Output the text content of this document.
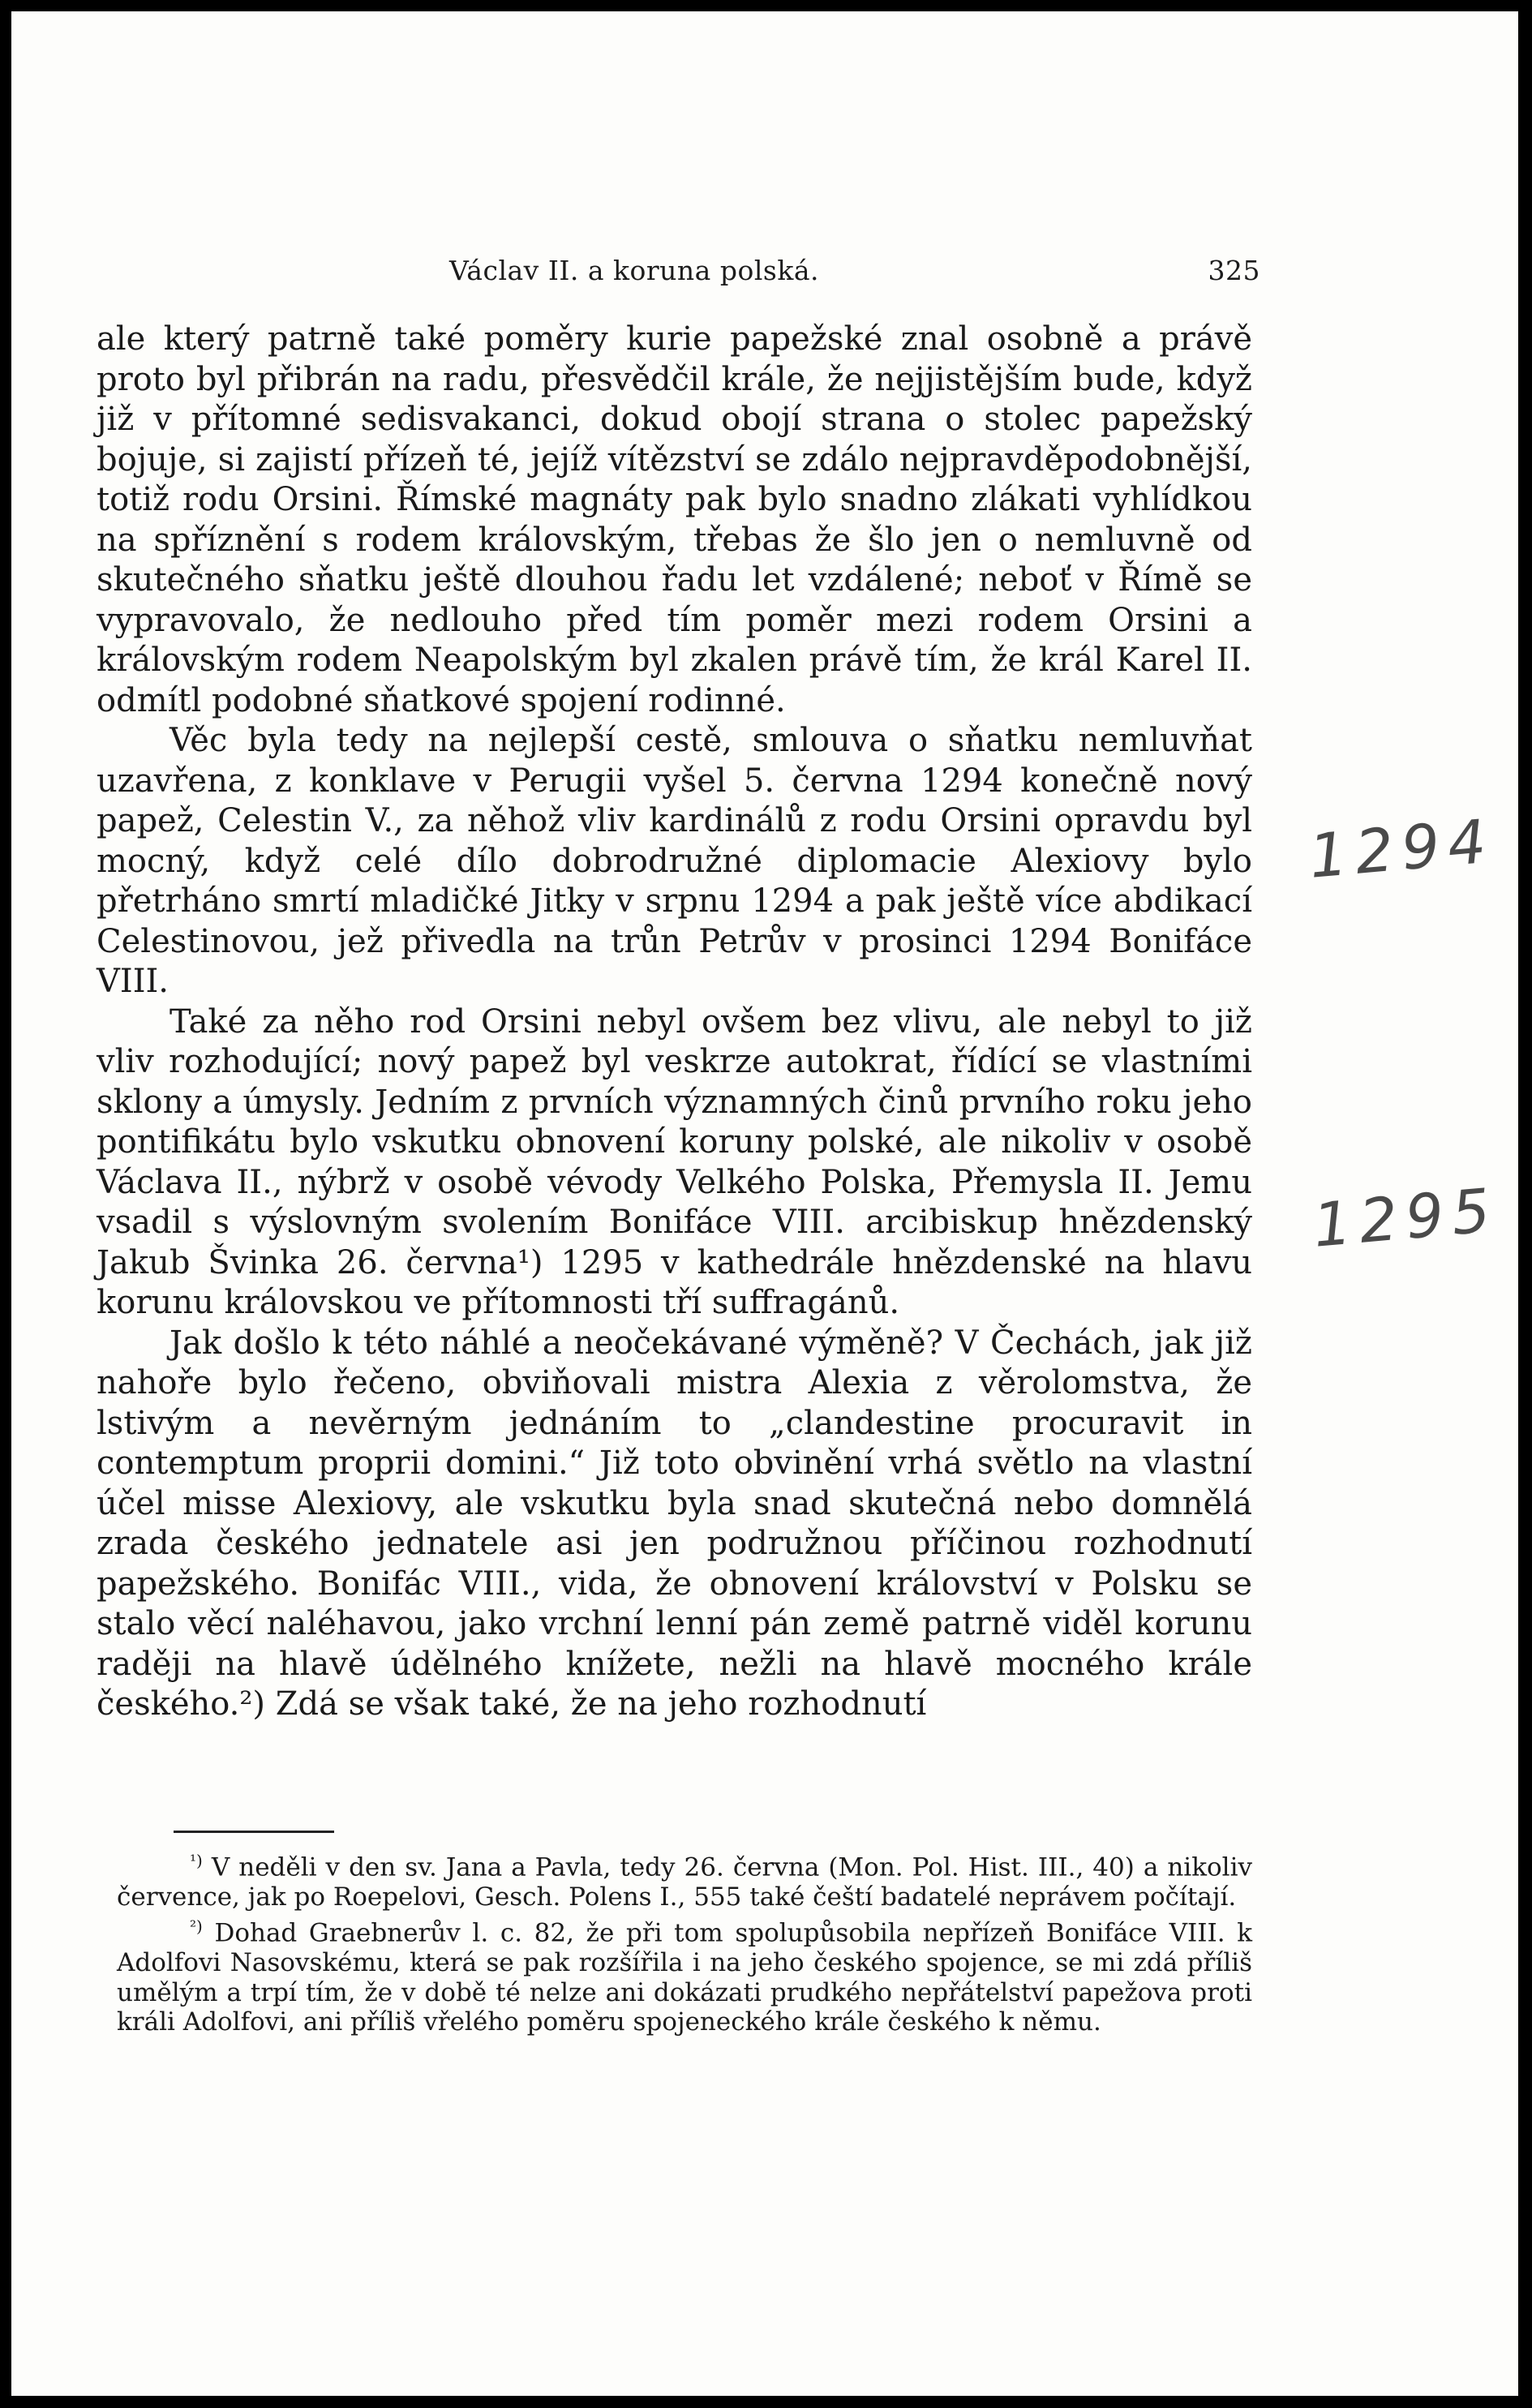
Václav II. a koruna polská.	325

ale který patrně také poměry kurie papežské znal osobně a právě proto byl přibrán na radu, přesvědčil krále, že nejjistějším bude, když již v přítomné sedisvakanci, dokud obojí strana o stolec papežský bojuje, si zajistí přízeň té, jejíž vítězství se zdálo nejpravděpodobnější, totiž rodu Orsini. Římské magnáty pak bylo snadno zlákati vyhlídkou na spříznění s rodem královským, třebas že šlo jen o nemluvně od skutečného sňatku ještě dlouhou řadu let vzdálené; neboť v Římě se vypravovalo, že nedlouho před tím poměr mezi rodem Orsini a královským rodem Neapolským byl zkalen právě tím, že král Karel II. odmítl podobné sňatkové spojení rodinné.

Věc byla tedy na nejlepší cestě, smlouva o sňatku nemluvňat uzavřena, z konklave v Perugii vyšel 5. června 1294 konečně nový papež, Celestin V., za něhož vliv kardinálů z rodu Orsini opravdu byl mocný, když celé dílo dobrodružné diplomacie Alexiovy bylo přetrháno smrtí mladičké Jitky v srpnu 1294 a pak ještě více abdikací Celestinovou, jež přivedla na trůn Petrův v prosinci 1294 Bonifáce VIII.

Také za něho rod Orsini nebyl ovšem bez vlivu, ale nebyl to již vliv rozhodující; nový papež byl veskrze autokrat, řídící se vlastními sklony a úmysly. Jedním z prvních významných činů prvního roku jeho pontifikátu bylo vskutku obnovení koruny polské, ale nikoliv v osobě Václava II., nýbrž v osobě vévody Velkého Polska, Přemysla II. Jemu vsadil s výslovným svolením Bonifáce VIII. arcibiskup hnězdenský Jakub Švinka 26. června¹) 1295 v kathedrále hnězdenské na hlavu korunu královskou ve přítomnosti tří suffragánů.

Jak došlo k této náhlé a neočekávané výměně? V Čechách, jak již nahoře bylo řečeno, obviňovali mistra Alexia z věrolomstva, že lstivým a nevěrným jednáním to „clandestine procuravit in contemptum proprii domini.“ Již toto obvinění vrhá světlo na vlastní účel misse Alexiovy, ale vskutku byla snad skutečná nebo domnělá zrada českého jednatele asi jen podružnou příčinou rozhodnutí papežského. Bonifác VIII., vida, že obnovení království v Polsku se stalo věcí naléhavou, jako vrchní lenní pán země patrně viděl korunu raději na hlavě údělného knížete, nežli na hlavě mocného krále českého.²) Zdá se však také, že na jeho rozhodnutí

$^{^1)}$ V neděli v den sv. Jana a Pavla, tedy 26. června (Mon. Pol. Hist. III., 40) a nikoliv července, jak po Roepelovi, Gesch. Polens I., 555 také čeští badatelé neprávem počítají.

$^{^2)}$ Dohad Graebnerův l. c. 82, že při tom spolupůsobila nepřízeň Bonifáce VIII. k Adolfovi Nasovskému, která se pak rozšířila i na jeho českého spojence, se mi zdá příliš umělým a trpí tím, že v době té nelze ani dokázati prudkého nepřátelství papežova proti králi Adolfovi, ani příliš vřelého poměru spojeneckého krále českého k němu.

1294
1295
